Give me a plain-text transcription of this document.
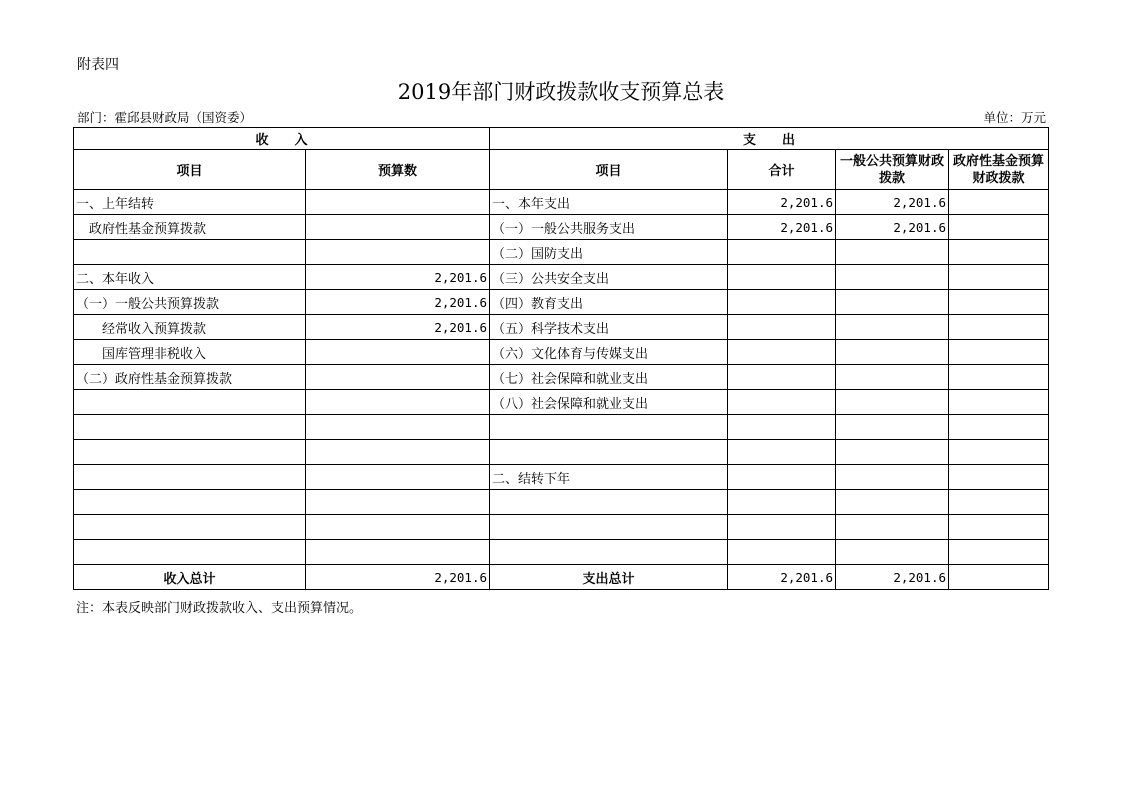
附表四
2019年部门财政拨款收支预算总表
部门：霍邱县财政局（国资委）	单位：万元
收　　入		支　　出			
项目	预算数	项目	合计	一般公共预算财政拨款	政府性基金预算财政拨款
一、上年结转		一、本年支出	2,201.6	2,201.6	
　政府性基金预算拨款		（一）一般公共服务支出	2,201.6	2,201.6	
		（二）国防支出			
二、本年收入	2,201.6	（三）公共安全支出			
（一）一般公共预算拨款	2,201.6	（四）教育支出			
　　经常收入预算拨款	2,201.6	（五）科学技术支出			
　　国库管理非税收入		（六）文化体育与传媒支出			
（二）政府性基金预算拨款		（七）社会保障和就业支出			
		（八）社会保障和就业支出			

		二、结转下年			

收入总计	2,201.6	支出总计	2,201.6	2,201.6	
注：本表反映部门财政拨款收入、支出预算情况。
